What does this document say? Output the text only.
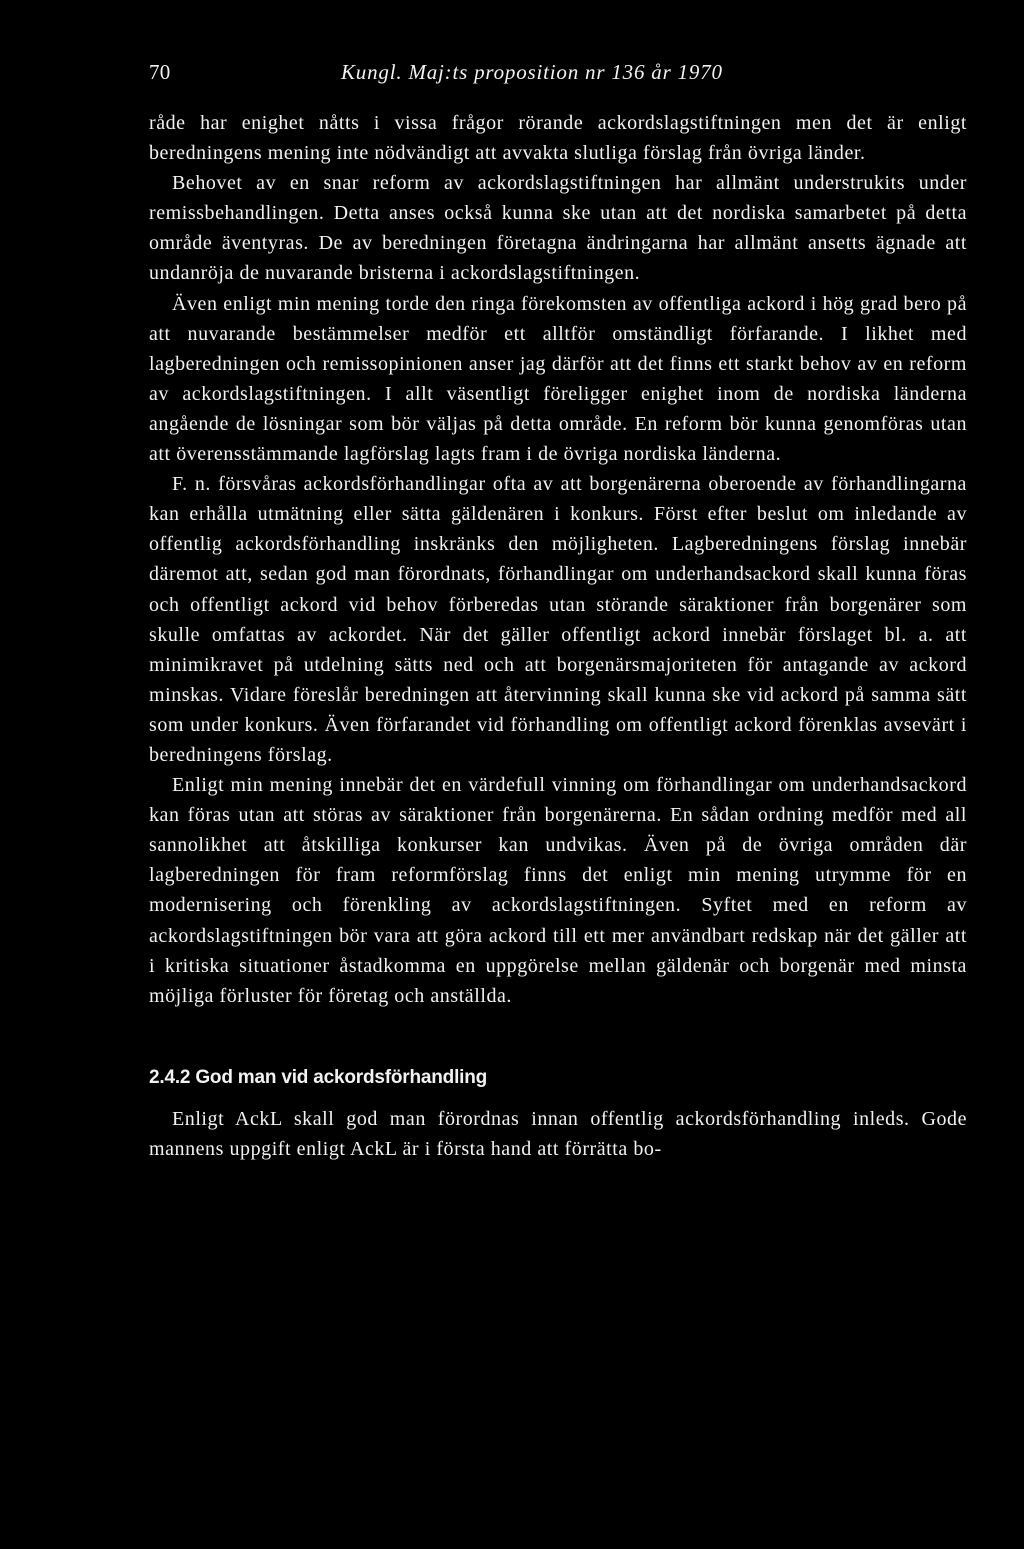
70	Kungl. Maj:ts proposition nr 136 år 1970

råde har enighet nåtts i vissa frågor rörande ackordslagstiftningen men det är enligt beredningens mening inte nödvändigt att avvakta slutliga förslag från övriga länder.

Behovet av en snar reform av ackordslagstiftningen har allmänt understrukits under remissbehandlingen. Detta anses också kunna ske utan att det nordiska samarbetet på detta område äventyras. De av beredningen företagna ändringarna har allmänt ansetts ägnade att undanröja de nuvarande bristerna i ackordslagstiftningen.

Även enligt min mening torde den ringa förekomsten av offentliga ackord i hög grad bero på att nuvarande bestämmelser medför ett alltför omständligt förfarande. I likhet med lagberedningen och remissopinionen anser jag därför att det finns ett starkt behov av en reform av ackordslagstiftningen. I allt väsentligt föreligger enighet inom de nordiska länderna angående de lösningar som bör väljas på detta område. En reform bör kunna genomföras utan att överensstämmande lagförslag lagts fram i de övriga nordiska länderna.

F. n. försvåras ackordsförhandlingar ofta av att borgenärerna oberoende av förhandlingarna kan erhålla utmätning eller sätta gäldenären i konkurs. Först efter beslut om inledande av offentlig ackordsförhandling inskränks den möjligheten. Lagberedningens förslag innebär däremot att, sedan god man förordnats, förhandlingar om underhandsackord skall kunna föras och offentligt ackord vid behov förberedas utan störande säraktioner från borgenärer som skulle omfattas av ackordet. När det gäller offentligt ackord innebär förslaget bl. a. att minimikravet på utdelning sätts ned och att borgenärsmajoriteten för antagande av ackord minskas. Vidare föreslår beredningen att återvinning skall kunna ske vid ackord på samma sätt som under konkurs. Även förfarandet vid förhandling om offentligt ackord förenklas avsevärt i beredningens förslag.

Enligt min mening innebär det en värdefull vinning om förhandlingar om underhandsackord kan föras utan att störas av säraktioner från borgenärerna. En sådan ordning medför med all sannolikhet att åtskilliga konkurser kan undvikas. Även på de övriga områden där lagberedningen för fram reformförslag finns det enligt min mening utrymme för en modernisering och förenkling av ackordslagstiftningen. Syftet med en reform av ackordslagstiftningen bör vara att göra ackord till ett mer användbart redskap när det gäller att i kritiska situationer åstadkomma en uppgörelse mellan gäldenär och borgenär med minsta möjliga förluster för företag och anställda.

2.4.2 God man vid ackordsförhandling

Enligt AckL skall god man förordnas innan offentlig ackordsförhandling inleds. Gode mannens uppgift enligt AckL är i första hand att förrätta bo-
